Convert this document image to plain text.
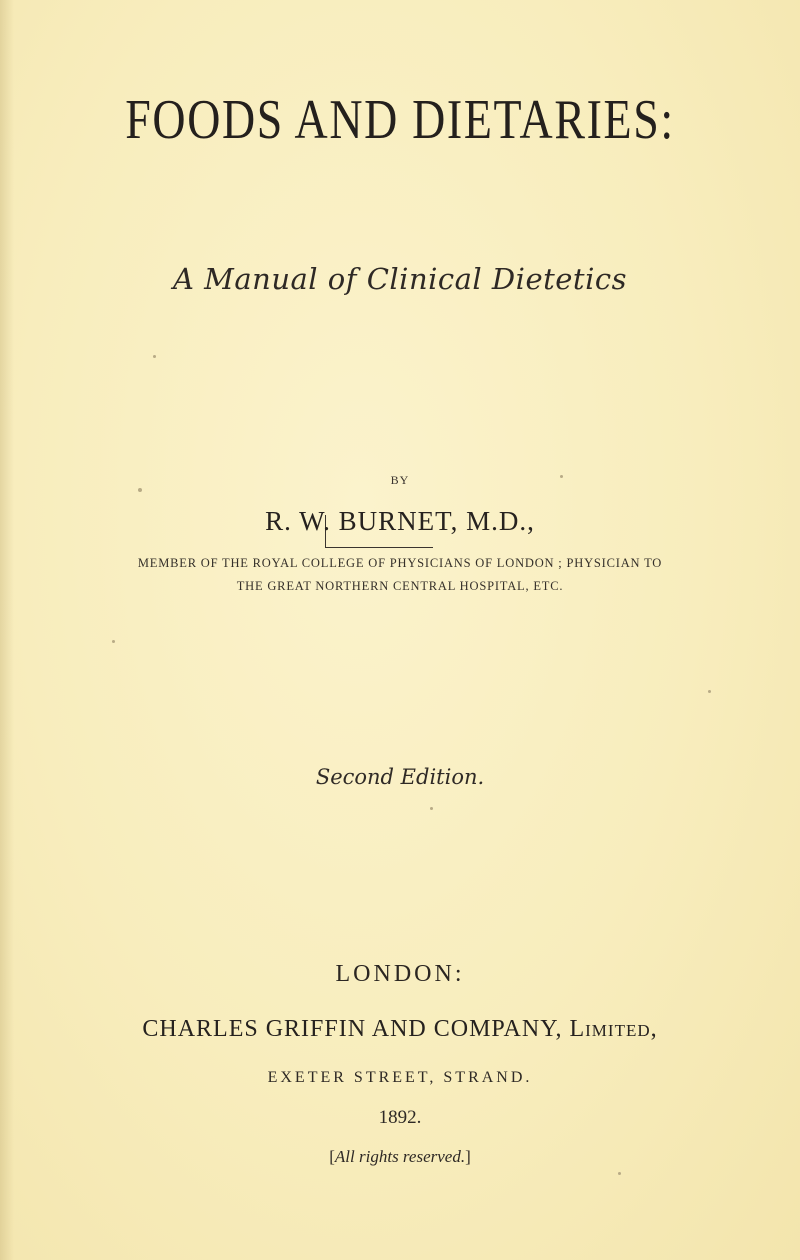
FOODS AND DIETARIES:
A Manual of Clinical Dietetics
BY
R. W. BURNET, M.D.,
MEMBER OF THE ROYAL COLLEGE OF PHYSICIANS OF LONDON ; PHYSICIAN TO
THE GREAT NORTHERN CENTRAL HOSPITAL, ETC.
Second Edition.
LONDON:
CHARLES GRIFFIN AND COMPANY, Limited,
EXETER STREET, STRAND.
1892.
[All rights reserved.]
